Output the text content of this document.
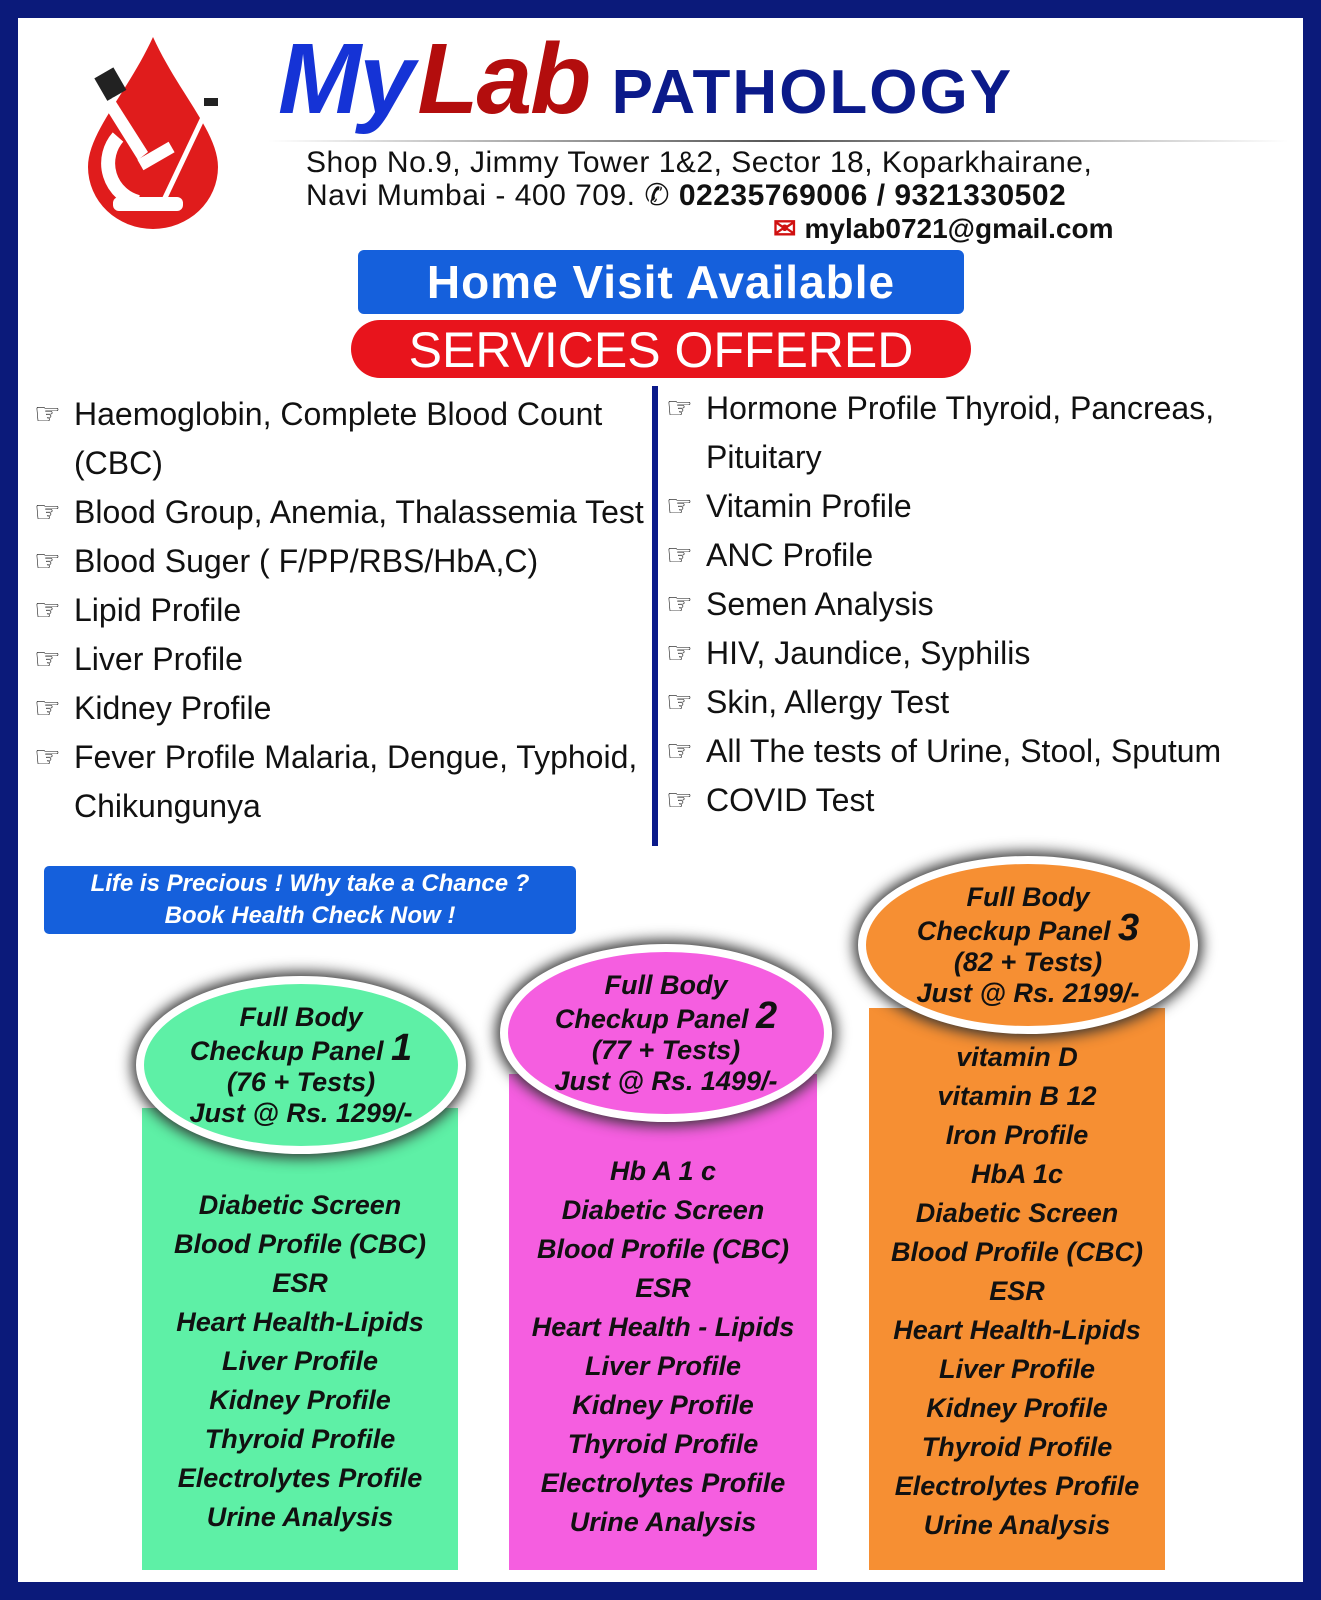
My Lab PATHOLOGY
Shop No.9, Jimmy Tower 1&2, Sector 18, Koparkhairane,
Navi Mumbai - 400 709. ✆ 02235769006 / 9321330502
✉ mylab0721@gmail.com
Home Visit Available
SERVICES OFFERED
☞ Haemoglobin, Complete Blood Count (CBC)
☞ Blood Group, Anemia, Thalassemia Test
☞ Blood Suger ( F/PP/RBS/HbA,C)
☞ Lipid Profile
☞ Liver Profile
☞ Kidney Profile
☞ Fever Profile Malaria, Dengue, Typhoid, Chikungunya
☞ Hormone Profile Thyroid, Pancreas, Pituitary
☞ Vitamin Profile
☞ ANC Profile
☞ Semen Analysis
☞ HIV, Jaundice, Syphilis
☞ Skin, Allergy Test
☞ All The tests of Urine, Stool, Sputum
☞ COVID Test
Life is Precious ! Why take a Chance ?
Book Health Check Now !
Diabetic Screen
Blood Profile (CBC)
ESR
Heart Health-Lipids
Liver Profile
Kidney Profile
Thyroid Profile
Electrolytes Profile
Urine Analysis
Full Body
Checkup Panel 1
(76 + Tests)
Just @ Rs. 1299/-
Hb A 1 c
Diabetic Screen
Blood Profile (CBC)
ESR
Heart Health - Lipids
Liver Profile
Kidney Profile
Thyroid Profile
Electrolytes Profile
Urine Analysis
Full Body
Checkup Panel 2
(77 + Tests)
Just @ Rs. 1499/-
vitamin D
vitamin B 12
Iron Profile
HbA 1c
Diabetic Screen
Blood Profile (CBC)
ESR
Heart Health-Lipids
Liver Profile
Kidney Profile
Thyroid Profile
Electrolytes Profile
Urine Analysis
Full Body
Checkup Panel 3
(82 + Tests)
Just @ Rs. 2199/-
